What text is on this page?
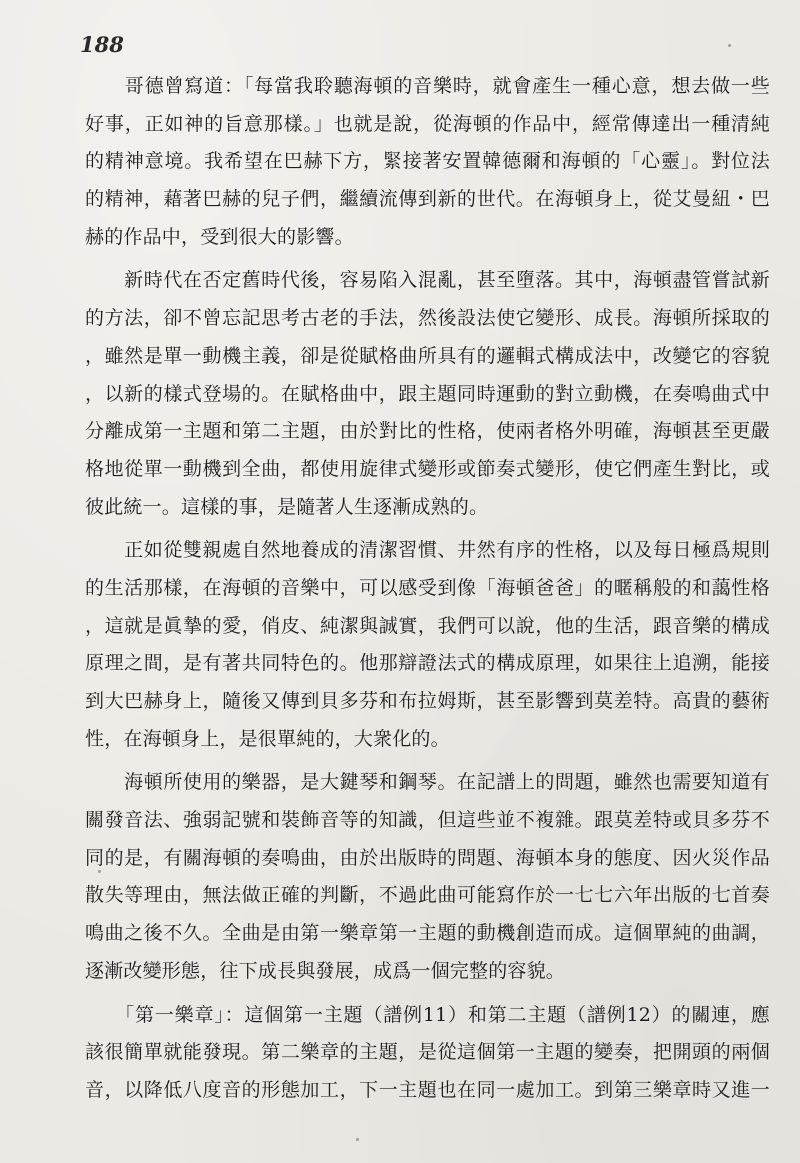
188
　　哥德曾寫道：「每當我聆聽海頓的音樂時，就會產生一種心意，想去做一些
好事，正如神的旨意那樣。」也就是說，從海頓的作品中，經常傳達出一種清純
的精神意境。我希望在巴赫下方，緊接著安置韓德爾和海頓的「心靈」。對位法
的精神，藉著巴赫的兒子們，繼續流傳到新的世代。在海頓身上，從艾曼紐・巴
赫的作品中，受到很大的影響。
　　新時代在否定舊時代後，容易陷入混亂，甚至墮落。其中，海頓盡管嘗試新
的方法，卻不曾忘記思考古老的手法，然後設法使它變形、成長。海頓所採取的
，雖然是單一動機主義，卻是從賦格曲所具有的邏輯式構成法中，改變它的容貌
，以新的樣式登場的。在賦格曲中，跟主題同時運動的對立動機，在奏鳴曲式中
分離成第一主題和第二主題，由於對比的性格，使兩者格外明確，海頓甚至更嚴
格地從單一動機到全曲，都使用旋律式變形或節奏式變形，使它們產生對比，或
彼此統一。這樣的事，是隨著人生逐漸成熟的。
　　正如從雙親處自然地養成的清潔習慣、井然有序的性格，以及每日極爲規則
的生活那樣，在海頓的音樂中，可以感受到像「海頓爸爸」的暱稱般的和藹性格
，這就是眞摯的愛，俏皮、純潔與誠實，我們可以說，他的生活，跟音樂的構成
原理之間，是有著共同特色的。他那辯證法式的構成原理，如果往上追溯，能接
到大巴赫身上，隨後又傳到貝多芬和布拉姆斯，甚至影響到莫差特。高貴的藝術
性，在海頓身上，是很單純的，大衆化的。
　　海頓所使用的樂器，是大鍵琴和鋼琴。在記譜上的問題，雖然也需要知道有
關發音法、強弱記號和裝飾音等的知識，但這些並不複雜。跟莫差特或貝多芬不
同的是，有關海頓的奏鳴曲，由於出版時的問題、海頓本身的態度、因火災作品
散失等理由，無法做正確的判斷，不過此曲可能寫作於一七七六年出版的七首奏
鳴曲之後不久。全曲是由第一樂章第一主題的動機創造而成。這個單純的曲調，
逐漸改變形態，往下成長與發展，成爲一個完整的容貌。
　　「第一樂章」：這個第一主題（譜例11）和第二主題（譜例12）的關連，應
該很簡單就能發現。第二樂章的主題，是從這個第一主題的變奏，把開頭的兩個
音，以降低八度音的形態加工，下一主題也在同一處加工。到第三樂章時又進一
